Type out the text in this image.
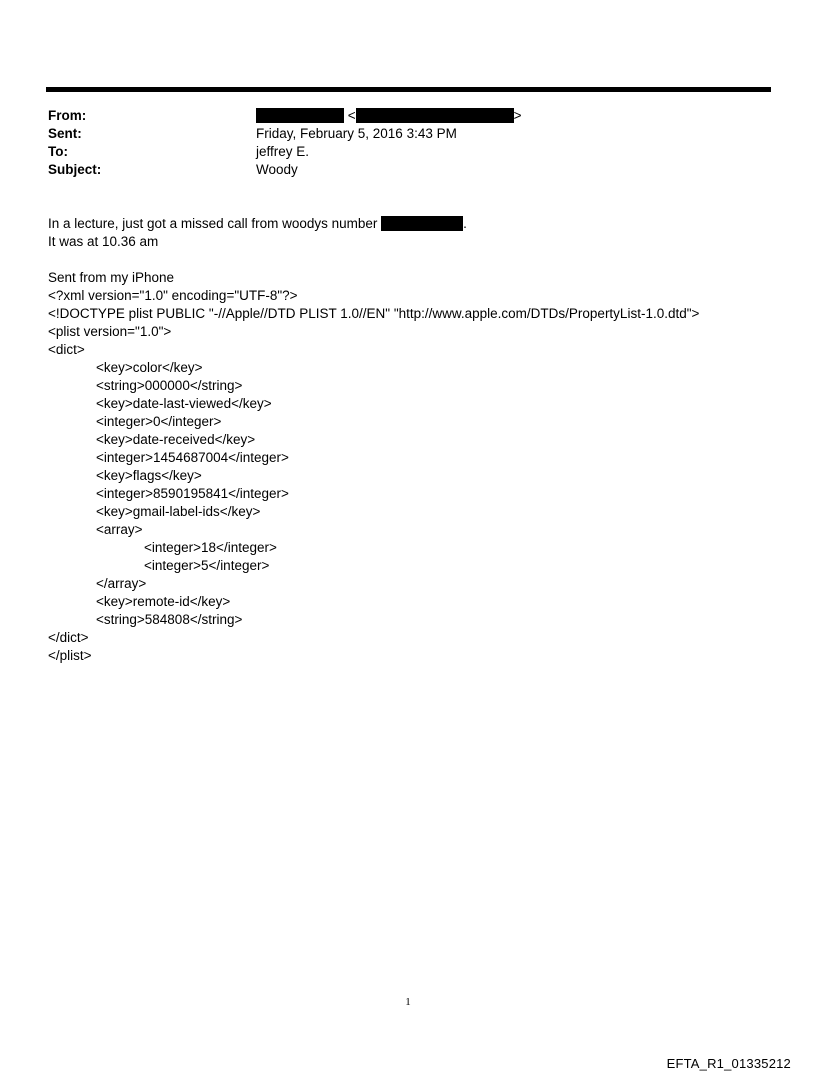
From:	<	>
Sent:	Friday, February 5, 2016 3:43 PM
To:	jeffrey E.
Subject:	Woody
In a lecture, just got a missed call from woodys number	.
It was at 10.36 am
Sent from my iPhone
<?xml version="1.0" encoding="UTF-8"?>
<!DOCTYPE plist PUBLIC "-//Apple//DTD PLIST 1.0//EN" "http://www.apple.com/DTDs/PropertyList-1.0.dtd">
<plist version="1.0">
<dict>
<key>color</key>
<string>000000</string>
<key>date-last-viewed</key>
<integer>0</integer>
<key>date-received</key>
<integer>1454687004</integer>
<key>flags</key>
<integer>8590195841</integer>
<key>gmail-label-ids</key>
<array>
<integer>18</integer>
<integer>5</integer>
</array>
<key>remote-id</key>
<string>584808</string>
</dict>
</plist>
1
EFTA_R1_01335212
